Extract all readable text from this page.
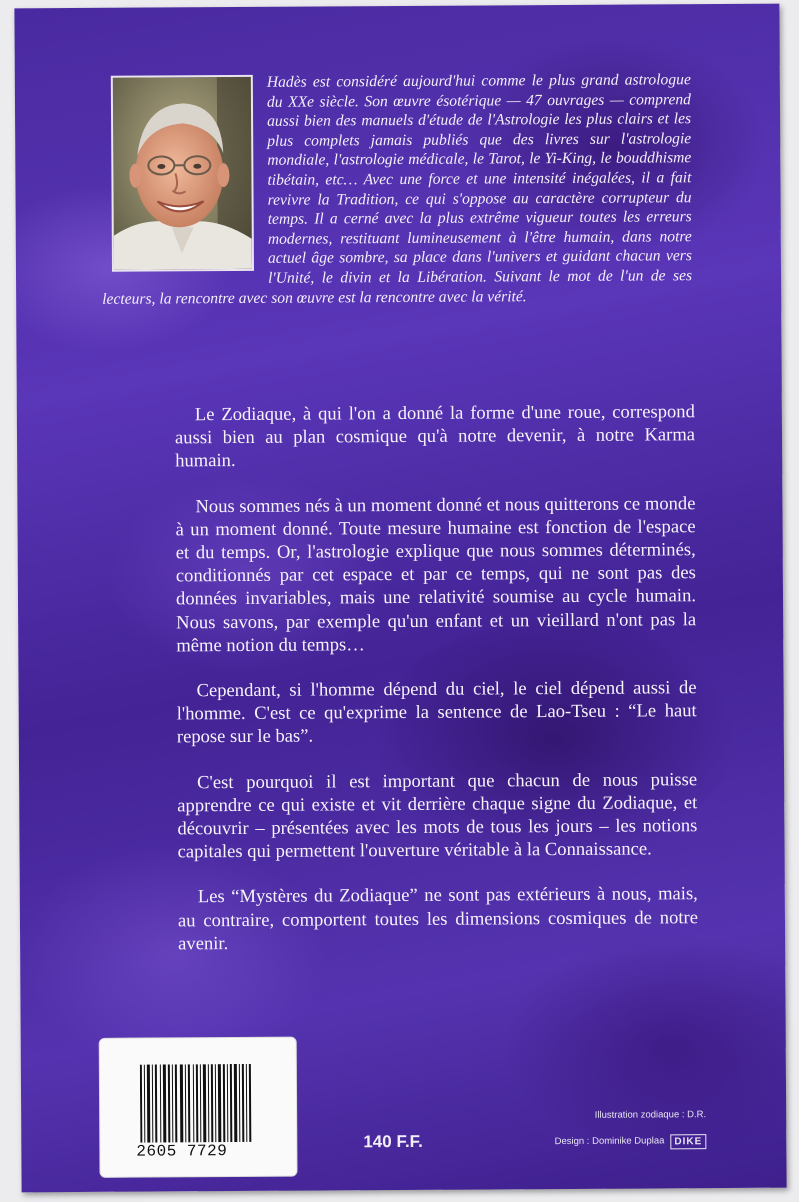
Hadès est considéré aujourd'hui comme le plus grand astrologue du XXe siècle. Son œuvre ésotérique — 47 ouvrages — comprend aussi bien des manuels d'étude de l'Astrologie les plus clairs et les plus complets jamais publiés que des livres sur l'astrologie mondiale, l'astrologie médicale, le Tarot, le Yi-King, le bouddhisme tibétain, etc… Avec une force et une intensité inégalées, il a fait revivre la Tradition, ce qui s'oppose au caractère corrupteur du temps. Il a cerné avec la plus extrême vigueur toutes les erreurs modernes, restituant lumineusement à l'être humain, dans notre actuel âge sombre, sa place dans l'univers et guidant chacun vers l'Unité, le divin et la Libération. Suivant le mot de l'un de ses lecteurs, la rencontre avec son œuvre est la rencontre avec la vérité.

Le Zodiaque, à qui l'on a donné la forme d'une roue, correspond aussi bien au plan cosmique qu'à notre devenir, à notre Karma humain.

Nous sommes nés à un moment donné et nous quitterons ce monde à un moment donné. Toute mesure humaine est fonction de l'espace et du temps. Or, l'astrologie explique que nous sommes déterminés, conditionnés par cet espace et par ce temps, qui ne sont pas des données invariables, mais une relativité soumise au cycle humain. Nous savons, par exemple qu'un enfant et un vieillard n'ont pas la même notion du temps…

Cependant, si l'homme dépend du ciel, le ciel dépend aussi de l'homme. C'est ce qu'exprime la sentence de Lao-Tseu : “Le haut repose sur le bas”.

C'est pourquoi il est important que chacun de nous puisse apprendre ce qui existe et vit derrière chaque signe du Zodiaque, et découvrir – présentées avec les mots de tous les jours – les notions capitales qui permettent l'ouverture véritable à la Connaissance.

Les “Mystères du Zodiaque” ne sont pas extérieurs à nous, mais, au contraire, comportent toutes les dimensions cosmiques de notre avenir.

2605 7729
140 F.F.
Illustration zodiaque : D.R.
Design : Dominike Duplaa DIKE
